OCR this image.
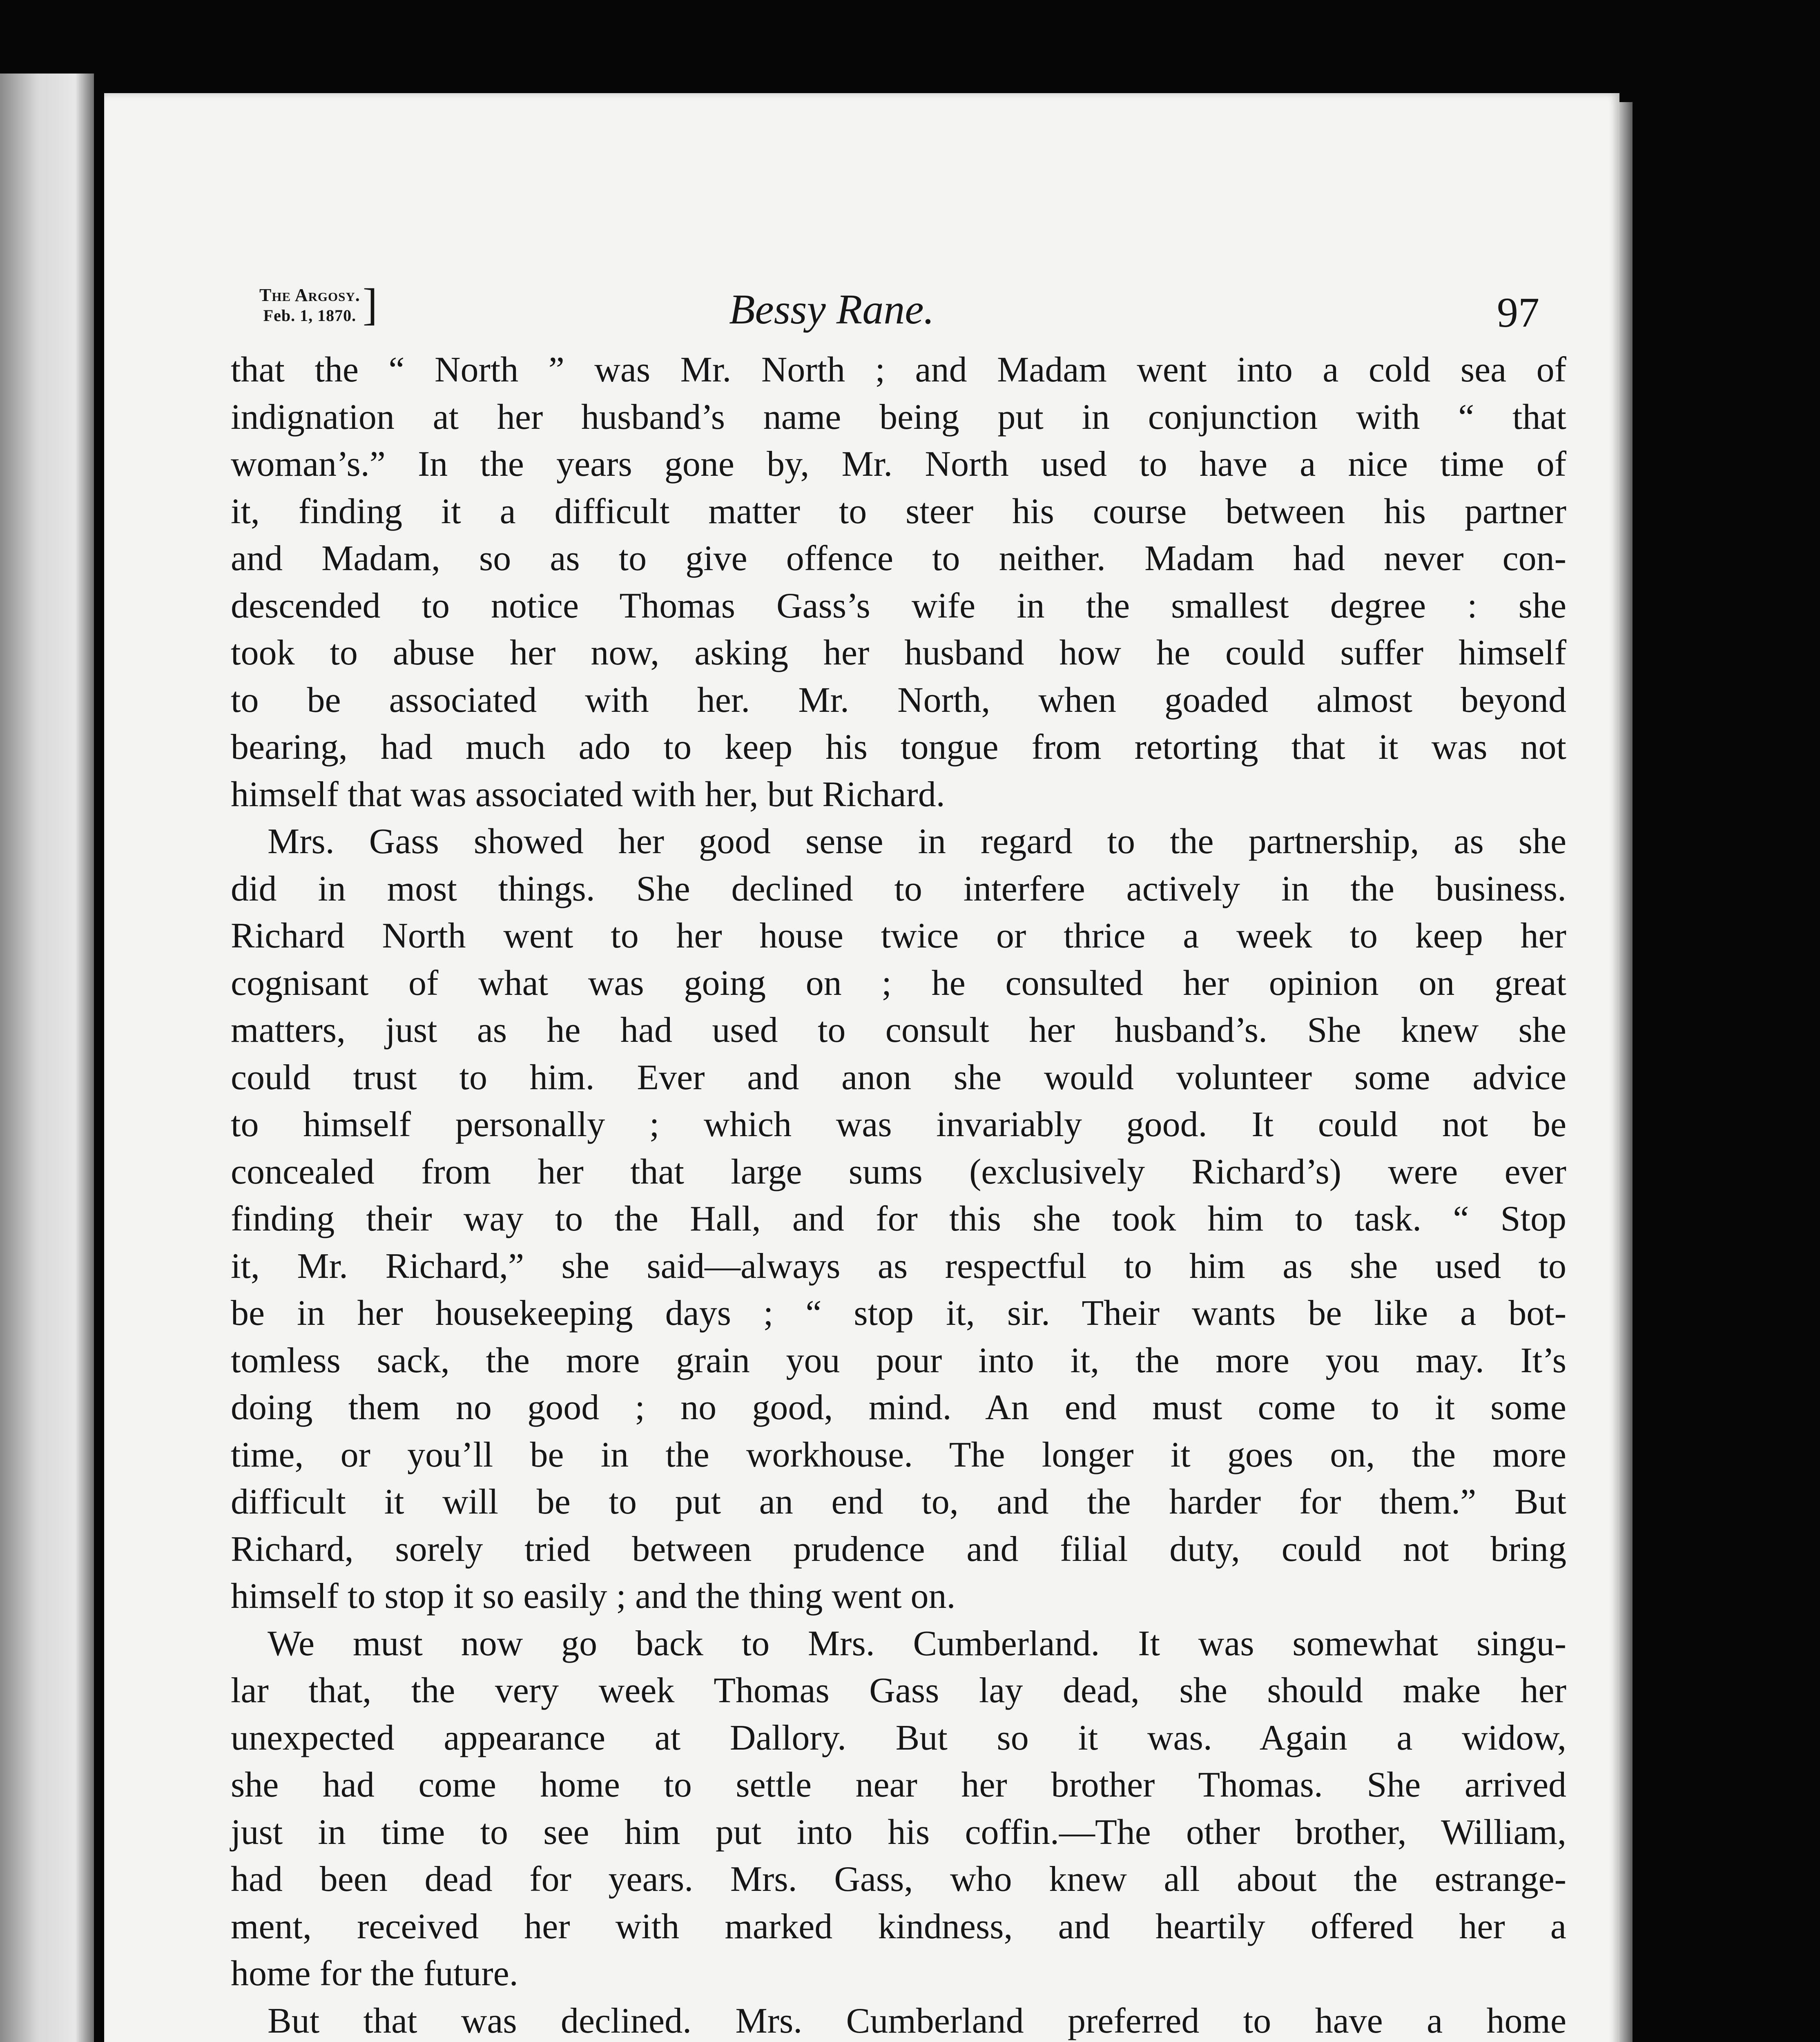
The Argosy.
Feb. 1, 1870. ]	Bessy Rane.	97
that the “ North ” was Mr. North ; and Madam went into a cold sea of
indignation at her husband’s name being put in conjunction with “ that
woman’s.” In the years gone by, Mr. North used to have a nice time of
it, finding it a difficult matter to steer his course between his partner
and Madam, so as to give offence to neither. Madam had never con-
descended to notice Thomas Gass’s wife in the smallest degree : she
took to abuse her now, asking her husband how he could suffer himself
to be associated with her. Mr. North, when goaded almost beyond
bearing, had much ado to keep his tongue from retorting that it was not
himself that was associated with her, but Richard.
Mrs. Gass showed her good sense in regard to the partnership, as she
did in most things. She declined to interfere actively in the business.
Richard North went to her house twice or thrice a week to keep her
cognisant of what was going on ; he consulted her opinion on great
matters, just as he had used to consult her husband’s. She knew she
could trust to him. Ever and anon she would volunteer some advice
to himself personally ; which was invariably good. It could not be
concealed from her that large sums (exclusively Richard’s) were ever
finding their way to the Hall, and for this she took him to task. “ Stop
it, Mr. Richard,” she said—always as respectful to him as she used to
be in her housekeeping days ; “ stop it, sir. Their wants be like a bot-
tomless sack, the more grain you pour into it, the more you may. It’s
doing them no good ; no good, mind. An end must come to it some
time, or you’ll be in the workhouse. The longer it goes on, the more
difficult it will be to put an end to, and the harder for them.” But
Richard, sorely tried between prudence and filial duty, could not bring
himself to stop it so easily ; and the thing went on.
We must now go back to Mrs. Cumberland. It was somewhat singu-
lar that, the very week Thomas Gass lay dead, she should make her
unexpected appearance at Dallory. But so it was. Again a widow,
she had come home to settle near her brother Thomas. She arrived
just in time to see him put into his coffin.—The other brother, William,
had been dead for years. Mrs. Gass, who knew all about the estrange-
ment, received her with marked kindness, and heartily offered her a
home for the future.
But that was declined. Mrs. Cumberland preferred to have a home
